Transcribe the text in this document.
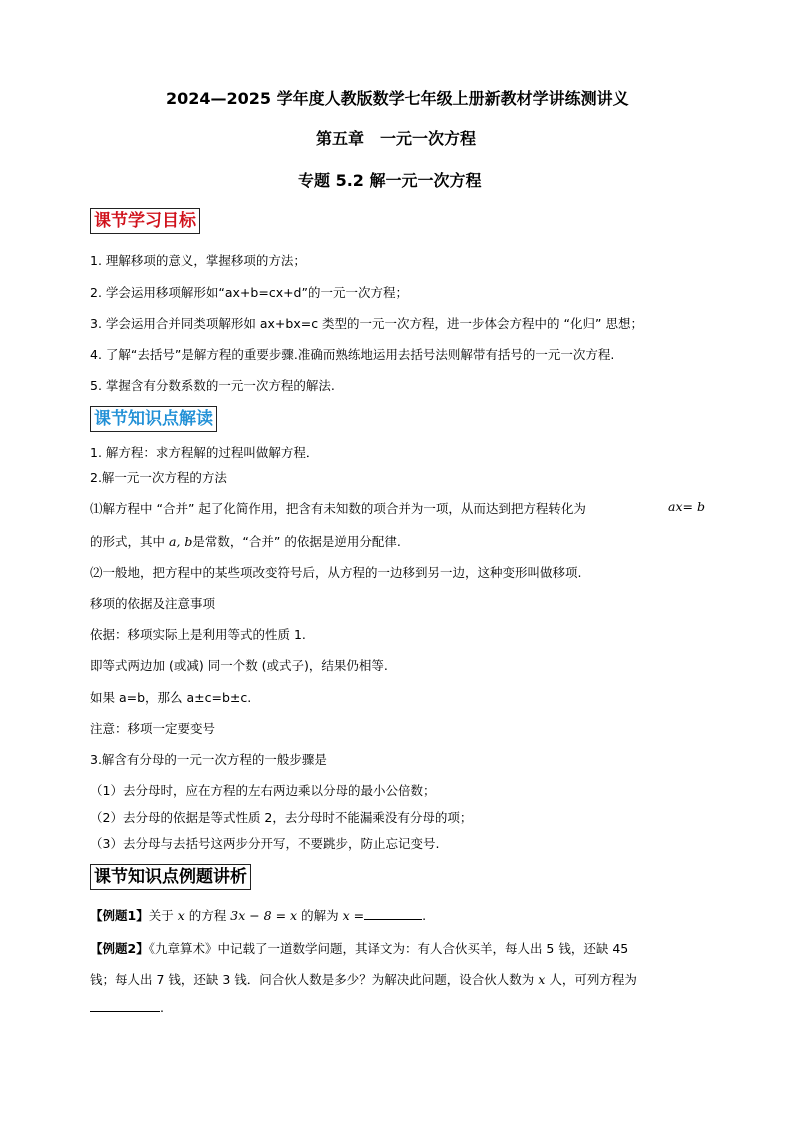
2024—2025 学年度人教版数学七年级上册新教材学讲练测讲义
第五章　一元一次方程
专题 5.2 解一元一次方程
课节学习目标
1. 理解移项的意义，掌握移项的方法；
2. 学会运用移项解形如“ax+b=cx+d”的一元一次方程；
3. 学会运用合并同类项解形如 ax+bx=c 类型的一元一次方程，进一步体会方程中的 “化归” 思想；
4. 了解“去括号”是解方程的重要步骤.准确而熟练地运用去括号法则解带有括号的一元一次方程.
5. 掌握含有分数系数的一元一次方程的解法.
课节知识点解读
1. 解方程：求方程解的过程叫做解方程．
2.解一元一次方程的方法
⑴解方程中 “合并” 起了化简作用，把含有未知数的项合并为一项，从而达到把方程转化为	ax= b
的形式，其中 a, b是常数，“合并” 的依据是逆用分配律.
⑵一般地，把方程中的某些项改变符号后，从方程的一边移到另一边，这种变形叫做移项.
移项的依据及注意事项
依据：移项实际上是利用等式的性质 1.
即等式两边加 (或减) 同一个数 (或式子)，结果仍相等.
如果 a=b，那么 a±c=b±c.
注意：移项一定要变号
3.解含有分母的一元一次方程的一般步骤是
（1）去分母时，应在方程的左右两边乘以分母的最小公倍数；
（2）去分母的依据是等式性质 2，去分母时不能漏乘没有分母的项；
（3）去分母与去括号这两步分开写，不要跳步，防止忘记变号.
课节知识点例题讲析
【例题1】关于 x 的方程 3x − 8 = x 的解为 x =	.
【例题2】《九章算术》中记载了一道数学问题，其译文为：有人合伙买羊，每人出 5 钱，还缺 45
钱；每人出 7 钱，还缺 3 钱．问合伙人数是多少？为解决此问题，设合伙人数为 x 人，可列方程为
.
